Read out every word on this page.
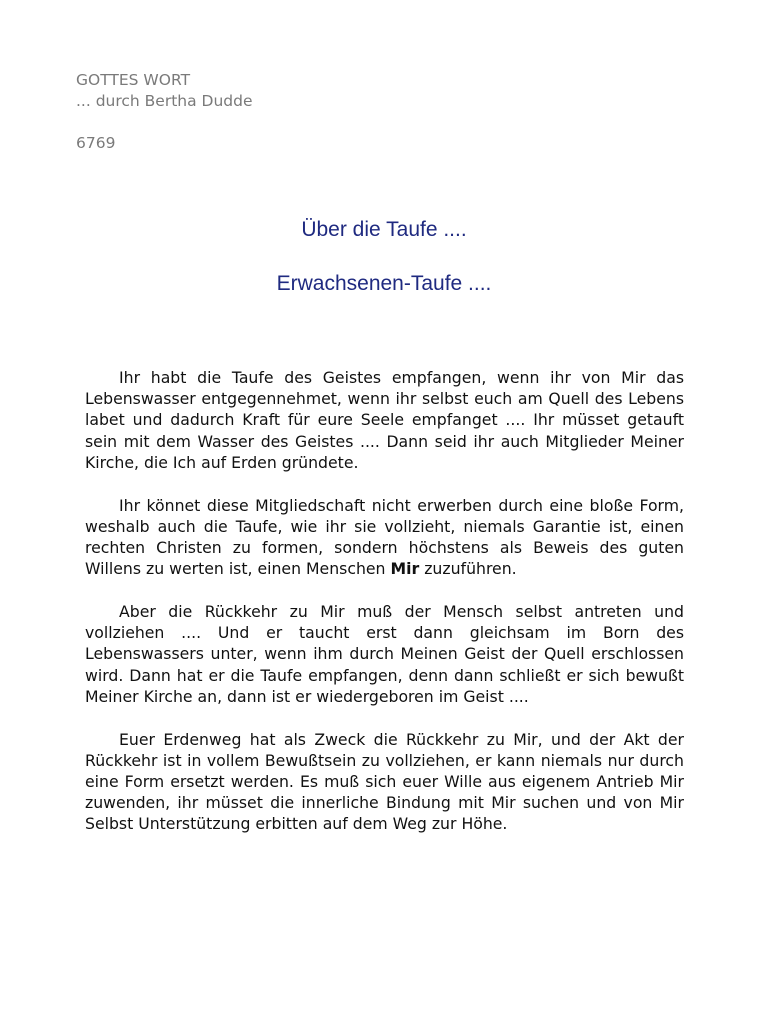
GOTTES WORT
... durch Bertha Dudde
6769
Über die Taufe ....
Erwachsenen-Taufe ....

Ihr habt die Taufe des Geistes empfangen, wenn ihr von Mir das Lebenswasser entgegennehmet, wenn ihr selbst euch am Quell des Lebens labet und dadurch Kraft für eure Seele empfanget .... Ihr müsset getauft sein mit dem Wasser des Geistes .... Dann seid ihr auch Mitglieder Meiner Kirche, die Ich auf Erden gründete.

Ihr könnet diese Mitgliedschaft nicht erwerben durch eine bloße Form, weshalb auch die Taufe, wie ihr sie vollzieht, niemals Garantie ist, einen rechten Christen zu formen, sondern höchstens als Beweis des guten Willens zu werten ist, einen Menschen Mir zuzuführen.

Aber die Rückkehr zu Mir muß der Mensch selbst antreten und vollziehen .... Und er taucht erst dann gleichsam im Born des Lebenswassers unter, wenn ihm durch Meinen Geist der Quell erschlossen wird. Dann hat er die Taufe empfangen, denn dann schließt er sich bewußt Meiner Kirche an, dann ist er wiedergeboren im Geist ....

Euer Erdenweg hat als Zweck die Rückkehr zu Mir, und der Akt der Rückkehr ist in vollem Bewußtsein zu vollziehen, er kann niemals nur durch eine Form ersetzt werden. Es muß sich euer Wille aus eigenem Antrieb Mir zuwenden, ihr müsset die innerliche Bindung mit Mir suchen und von Mir Selbst Unterstützung erbitten auf dem Weg zur Höhe.
